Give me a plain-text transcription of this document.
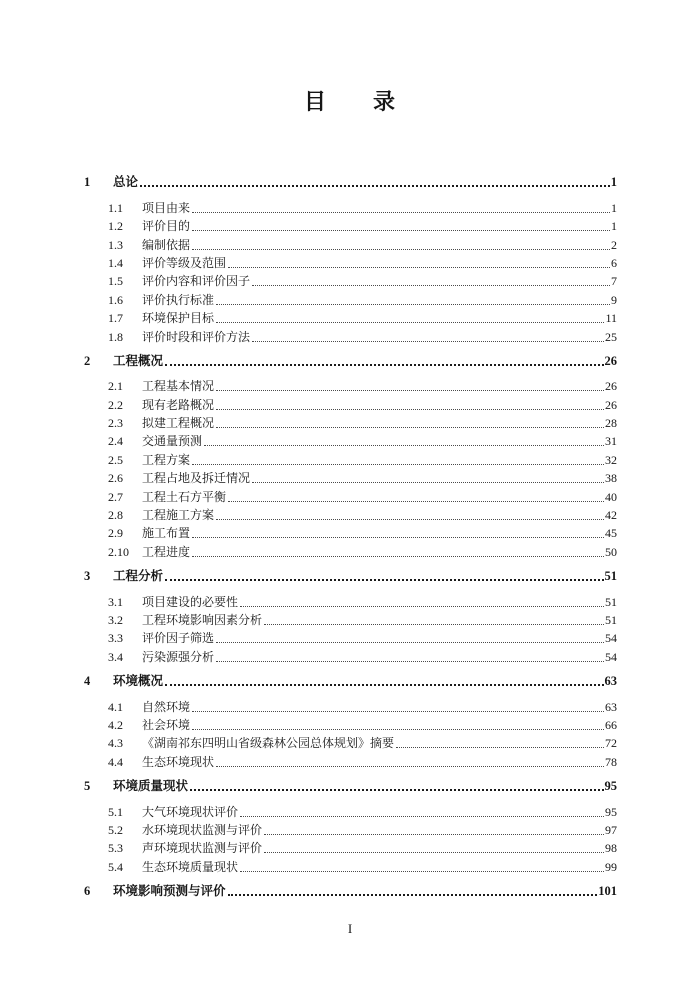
目　　录
1	总论	1
1.1	项目由来	1
1.2	评价目的	1
1.3	编制依据	2
1.4	评价等级及范围	6
1.5	评价内容和评价因子	7
1.6	评价执行标准	9
1.7	环境保护目标	11
1.8	评价时段和评价方法	25
2	工程概况	26
2.1	工程基本情况	26
2.2	现有老路概况	26
2.3	拟建工程概况	28
2.4	交通量预测	31
2.5	工程方案	32
2.6	工程占地及拆迁情况	38
2.7	工程土石方平衡	40
2.8	工程施工方案	42
2.9	施工布置	45
2.10	工程进度	50
3	工程分析	51
3.1	项目建设的必要性	51
3.2	工程环境影响因素分析	51
3.3	评价因子筛选	54
3.4	污染源强分析	54
4	环境概况	63
4.1	自然环境	63
4.2	社会环境	66
4.3	《湖南祁东四明山省级森林公园总体规划》摘要	72
4.4	生态环境现状	78
5	环境质量现状	95
5.1	大气环境现状评价	95
5.2	水环境现状监测与评价	97
5.3	声环境现状监测与评价	98
5.4	生态环境质量现状	99
6	环境影响预测与评价	101
I
